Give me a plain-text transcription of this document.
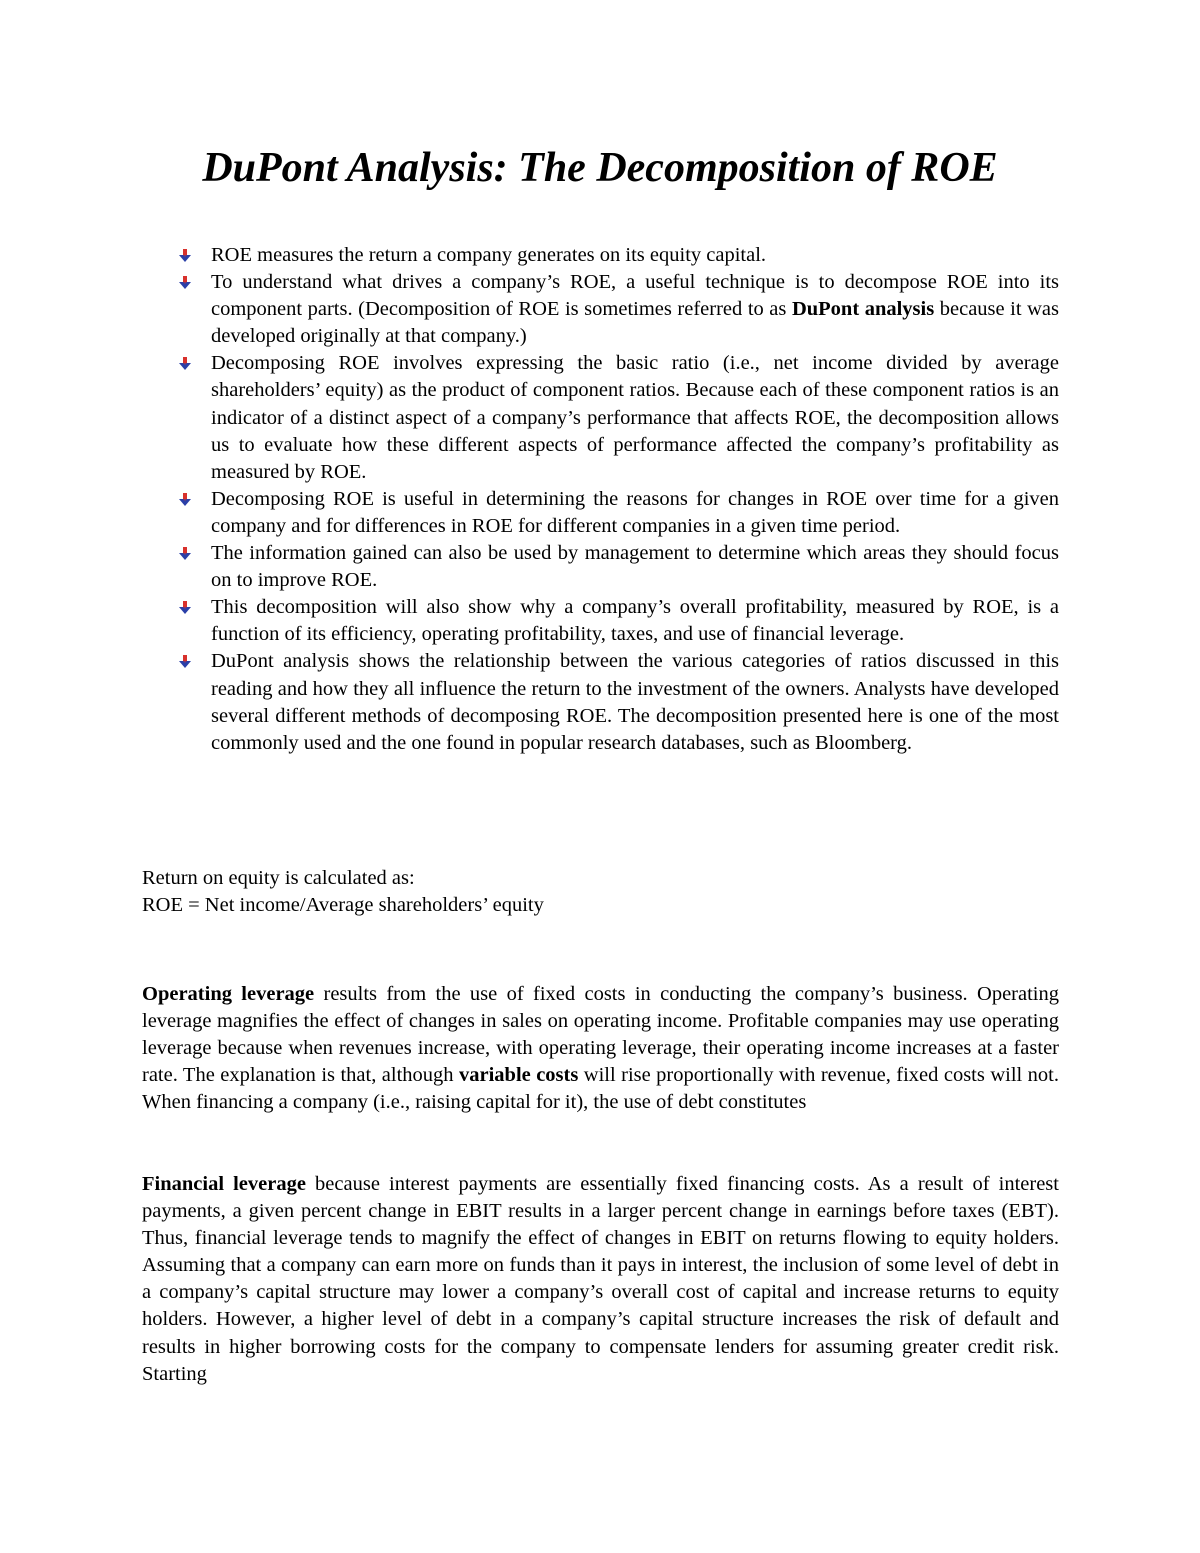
DuPont Analysis: The Decomposition of ROE
ROE measures the return a company generates on its equity capital.
To understand what drives a company’s ROE, a useful technique is to decompose ROE into its component parts. (Decomposition of ROE is sometimes referred to as DuPont analysis because it was developed originally at that company.)
Decomposing ROE involves expressing the basic ratio (i.e., net income divided by average shareholders’ equity) as the product of component ratios. Because each of these component ratios is an indicator of a distinct aspect of a company’s performance that affects ROE, the decomposition allows us to evaluate how these different aspects of performance affected the company’s profitability as measured by ROE.
Decomposing ROE is useful in determining the reasons for changes in ROE over time for a given company and for differences in ROE for different companies in a given time period.
The information gained can also be used by management to determine which areas they should focus on to improve ROE.
This decomposition will also show why a company’s overall profitability, measured by ROE, is a function of its efficiency, operating profitability, taxes, and use of financial leverage.
DuPont analysis shows the relationship between the various categories of ratios discussed in this reading and how they all influence the return to the investment of the owners. Analysts have developed several different methods of decomposing ROE. The decomposition presented here is one of the most commonly used and the one found in popular research databases, such as Bloomberg.

Return on equity is calculated as:

ROE = Net income/Average shareholders’ equity

Operating leverage results from the use of fixed costs in conducting the company’s business. Operating leverage magnifies the effect of changes in sales on operating income. Profitable companies may use operating leverage because when revenues increase, with operating leverage, their operating income increases at a faster rate. The explanation is that, although variable costs will rise proportionally with revenue, fixed costs will not. When financing a company (i.e., raising capital for it), the use of debt constitutes

Financial leverage because interest payments are essentially fixed financing costs. As a result of interest payments, a given percent change in EBIT results in a larger percent change in earnings before taxes (EBT). Thus, financial leverage tends to magnify the effect of changes in EBIT on returns flowing to equity holders. Assuming that a company can earn more on funds than it pays in interest, the inclusion of some level of debt in a company’s capital structure may lower a company’s overall cost of capital and increase returns to equity holders. However, a higher level of debt in a company’s capital structure increases the risk of default and results in higher borrowing costs for the company to compensate lenders for assuming greater credit risk. Starting
